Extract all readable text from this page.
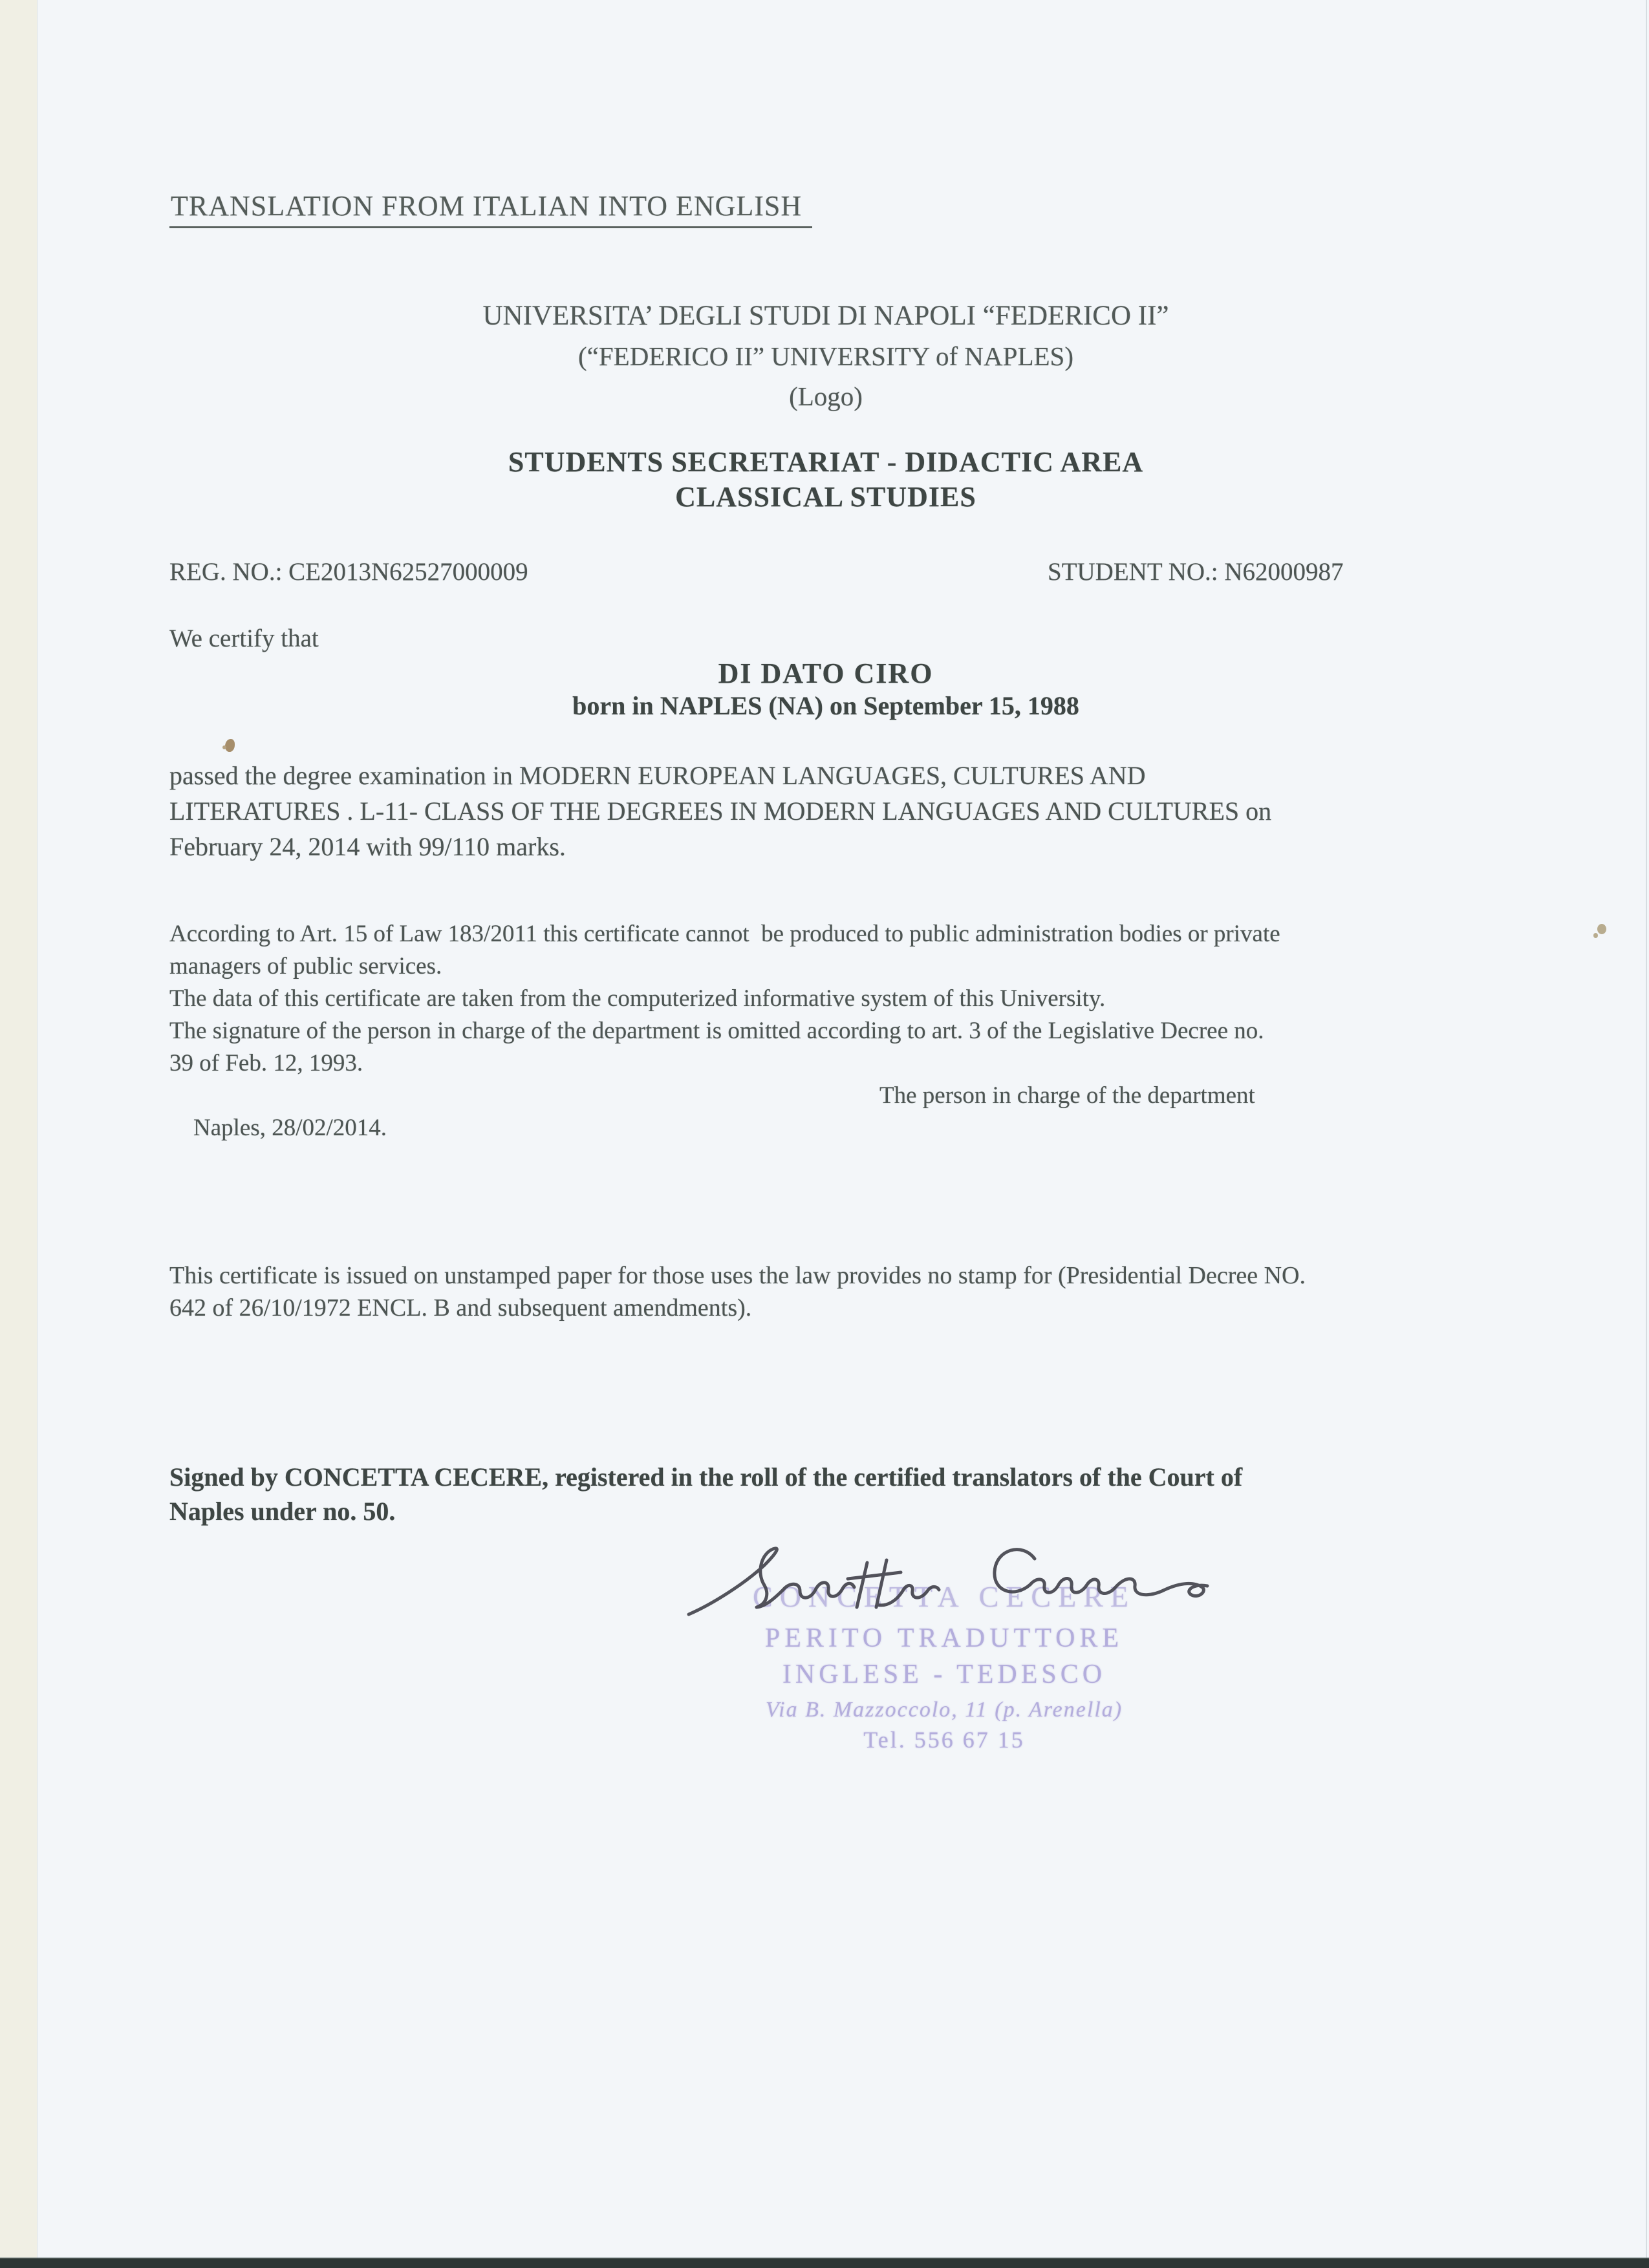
TRANSLATION FROM ITALIAN INTO ENGLISH
UNIVERSITA’ DEGLI STUDI DI NAPOLI “FEDERICO II”
(“FEDERICO II” UNIVERSITY of NAPLES)
(Logo)
STUDENTS SECRETARIAT - DIDACTIC AREA
CLASSICAL STUDIES
REG. NO.: CE2013N62527000009	STUDENT NO.: N62000987
We certify that
DI DATO CIRO
born in NAPLES (NA) on September 15, 1988
passed the degree examination in MODERN EUROPEAN LANGUAGES, CULTURES AND
LITERATURES . L-11- CLASS OF THE DEGREES IN MODERN LANGUAGES AND CULTURES on
February 24, 2014 with 99/110 marks.
According to Art. 15 of Law 183/2011 this certificate cannot  be produced to public administration bodies or private
managers of public services.
The data of this certificate are taken from the computerized informative system of this University.
The signature of the person in charge of the department is omitted according to art. 3 of the Legislative Decree no.
39 of Feb. 12, 1993.

Naples, 28/02/2014.

The person in charge of the department

This certificate is issued on unstamped paper for those uses the law provides no stamp for (Presidential Decree NO.
642 of 26/10/1972 ENCL. B and subsequent amendments).
Signed by CONCETTA CECERE, registered in the roll of the certified translators of the Court of
Naples under no. 50.
CONCETTA CECERE
PERITO TRADUTTORE
INGLESE - TEDESCO
Via B. Mazzoccolo, 11 (p. Arenella)
Tel. 556 67 15
